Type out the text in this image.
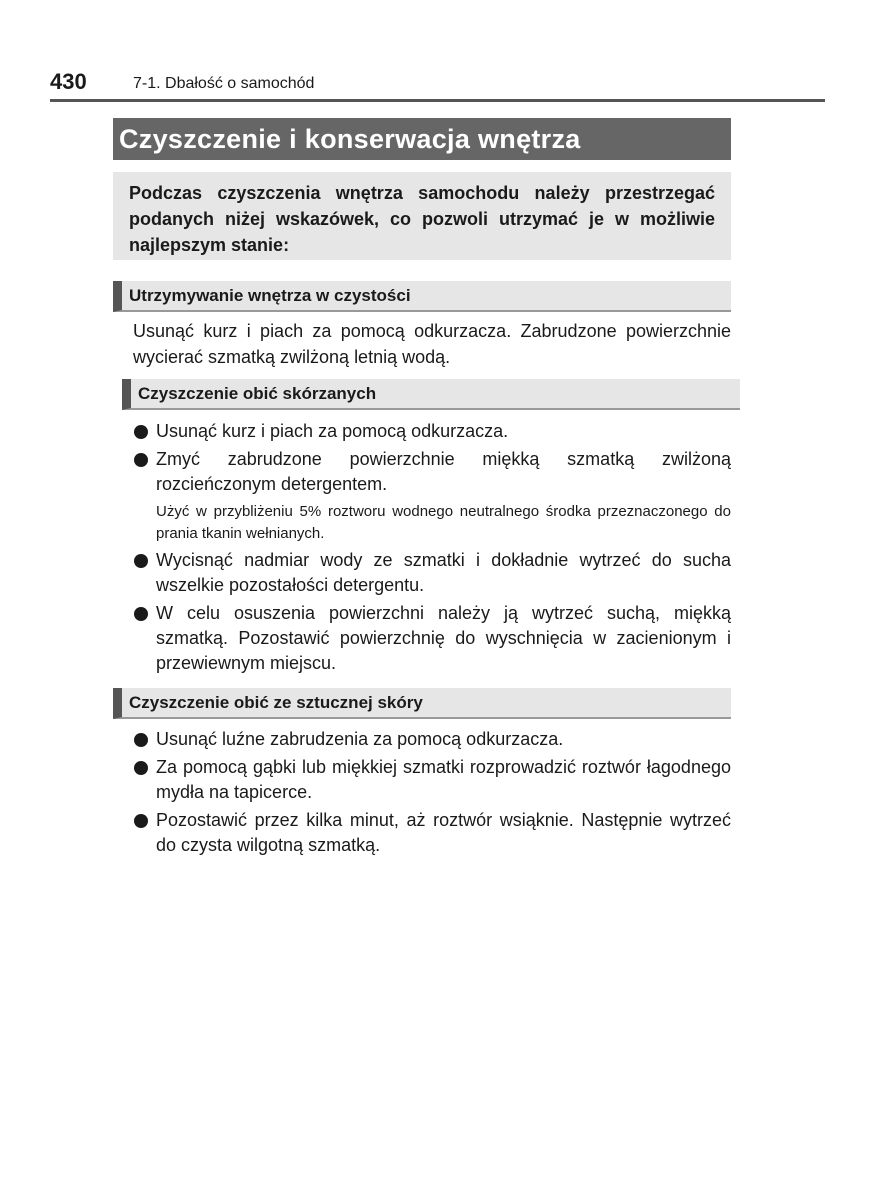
430	7-1. Dbałość o samochód
Czyszczenie i konserwacja wnętrza
Podczas czyszczenia wnętrza samochodu należy przestrzegać podanych niżej wskazówek, co pozwoli utrzymać je w możliwie najlepszym stanie:
Utrzymywanie wnętrza w czystości
Usunąć kurz i piach za pomocą odkurzacza. Zabrudzone powierzchnie wycierać szmatką zwilżoną letnią wodą.
Czyszczenie obić skórzanych
Usunąć kurz i piach za pomocą odkurzacza.
Zmyć zabrudzone powierzchnie miękką szmatką zwilżoną rozcieńczonym detergentem.
Użyć w przybliżeniu 5% roztworu wodnego neutralnego środka przeznaczonego do prania tkanin wełnianych.
Wycisnąć nadmiar wody ze szmatki i dokładnie wytrzeć do sucha wszelkie pozostałości detergentu.
W celu osuszenia powierzchni należy ją wytrzeć suchą, miękką szmatką. Pozostawić powierzchnię do wyschnięcia w zacienionym i przewiewnym miejscu.
Czyszczenie obić ze sztucznej skóry
Usunąć luźne zabrudzenia za pomocą odkurzacza.
Za pomocą gąbki lub miękkiej szmatki rozprowadzić roztwór łagodnego mydła na tapicerce.
Pozostawić przez kilka minut, aż roztwór wsiąknie. Następnie wytrzeć do czysta wilgotną szmatką.
